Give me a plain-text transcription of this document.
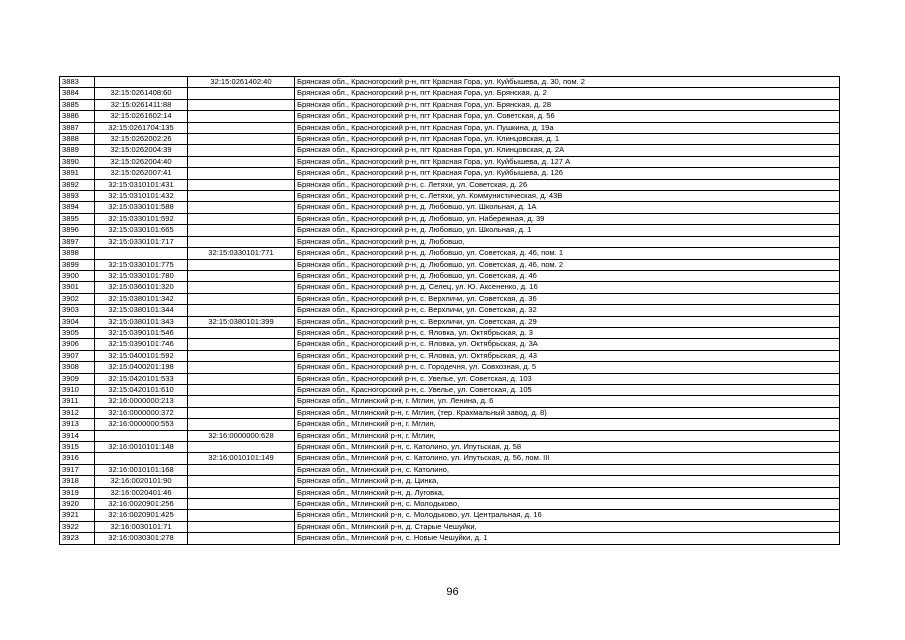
3883		32:15:0261402:40	Брянская обл., Красногорский р-н, пгт Красная Гора, ул. Куйбышева, д. 30, пом. 2
3884	32:15:0261408:60		Брянская обл., Красногорский р-н, пгт Красная Гора, ул. Брянская, д. 2
3885	32:15:0261411:88		Брянская обл., Красногорский р-н, пгт Красная Гора, ул. Брянская, д. 28
3886	32:15:0261602:14		Брянская обл., Красногорский р-н, пгт Красная Гора, ул. Советская, д. 56
3887	32:15:0261704:135		Брянская обл., Красногорский р-н, пгт Красная Гора, ул. Пушкина, д. 19а
3888	32:15:0262002:26		Брянская обл., Красногорский р-н, пгт Красная Гора, ул. Клинцовская, д. 1
3889	32:15:0262004:39		Брянская обл., Красногорский р-н, пгт Красная Гора, ул. Клинцовская, д. 2А
3890	32:15:0262004:40		Брянская обл., Красногорский р-н, пгт Красная Гора, ул. Куйбышева, д. 127 А
3891	32:15:0262007:41		Брянская обл., Красногорский р-н, пгт Красная Гора, ул. Куйбышева, д. 126
3892	32:15:0310101:431		Брянская обл., Красногорский р-н, с. Летяхи, ул. Советская, д. 26
3893	32:15:0310101:432		Брянская обл., Красногорский р-н, с. Летяхи, ул. Коммунистическая, д. 43В
3894	32:15:0330101:588		Брянская обл., Красногорский р-н, д. Любовшо, ул. Школьная, д. 1А
3895	32:15:0330101:592		Брянская обл., Красногорский р-н, д. Любовшо, ул. Набережная, д. 39
3896	32:15:0330101:665		Брянская обл., Красногорский р-н, д. Любовшо, ул. Школьная, д. 1
3897	32:15:0330101:717		Брянская обл., Красногорский р-н, д. Любовшо,
3898		32:15:0330101:771	Брянская обл., Красногорский р-н, д. Любовшо, ул. Советская, д. 46, пом. 1
3899	32:15:0330101:775		Брянская обл., Красногорский р-н, д. Любовшо, ул. Советская, д. 46, пом. 2
3900	32:15:0330101:780		Брянская обл., Красногорский р-н, д. Любовшо, ул. Советская, д. 46
3901	32:15:0360101:320		Брянская обл., Красногорский р-н, д. Селец, ул. Ю. Аксененко, д. 16
3902	32:15:0380101:342		Брянская обл., Красногорский р-н, с. Верхличи, ул. Советская, д. 36
3903	32:15:0380101:344		Брянская обл., Красногорский р-н, с. Верхличи, ул. Советская, д. 32
3904	32:15:0380101:343	32:15:0380101:399	Брянская обл., Красногорский р-н, с. Верхличи, ул. Советская, д. 29
3905	32:15:0390101:546		Брянская обл., Красногорский р-н, с. Яловка, ул. Октябрьская, д. 3
3906	32:15:0390101:746		Брянская обл., Красногорский р-н, с. Яловка, ул. Октябрьская, д. 3А
3907	32:15:0400101:592		Брянская обл., Красногорский р-н, с. Яловка, ул. Октябрьская, д. 43
3908	32:15:0400201:198		Брянская обл., Красногорский р-н, с. Городечня, ул. Совхозная, д. 5
3909	32:15:0420101:533		Брянская обл., Красногорский р-н, с. Увелье, ул. Советская, д. 103
3910	32:15:0420101:610		Брянская обл., Красногорский р-н, с. Увелье, ул. Советская, д. 105
3911	32:16:0000000:213		Брянская обл., Мглинский р-н, г. Мглин, ул. Ленина, д. 6
3912	32:16:0000000:372		Брянская обл., Мглинский р-н, г. Мглин, (тер. Крахмальный завод, д. 8)
3913	32:16:0000000:553		Брянская обл., Мглинский р-н, г. Мглин,
3914		32:16:0000000:628	Брянская обл., Мглинский р-н, г. Мглин,
3915	32:16:0010101:148		Брянская обл., Мглинский р-н, с. Католино, ул. Ипутьская, д. 58
3916		32:16:0010101:149	Брянская обл., Мглинский р-н, с. Католино, ул. Ипутьская, д. 56, пом. III
3917	32:16:0010101:168		Брянская обл., Мглинский р-н, с. Католино,
3918	32:16:0020101:90		Брянская обл., Мглинский р-н, д. Цинка,
3919	32:16:0020401:46		Брянская обл., Мглинский р-н, д. Луговка,
3920	32:16:0020901:256		Брянская обл., Мглинский р-н, с. Молодьково,
3921	32:16:0020901:425		Брянская обл., Мглинский р-н, с. Молодьково, ул. Центральная, д. 16
3922	32:16:0030101:71		Брянская обл., Мглинский р-н, д. Старые Чешуйки,
3923	32:16:0030301:278		Брянская обл., Мглинский р-н, с. Новые Чешуйки, д. 1
96
